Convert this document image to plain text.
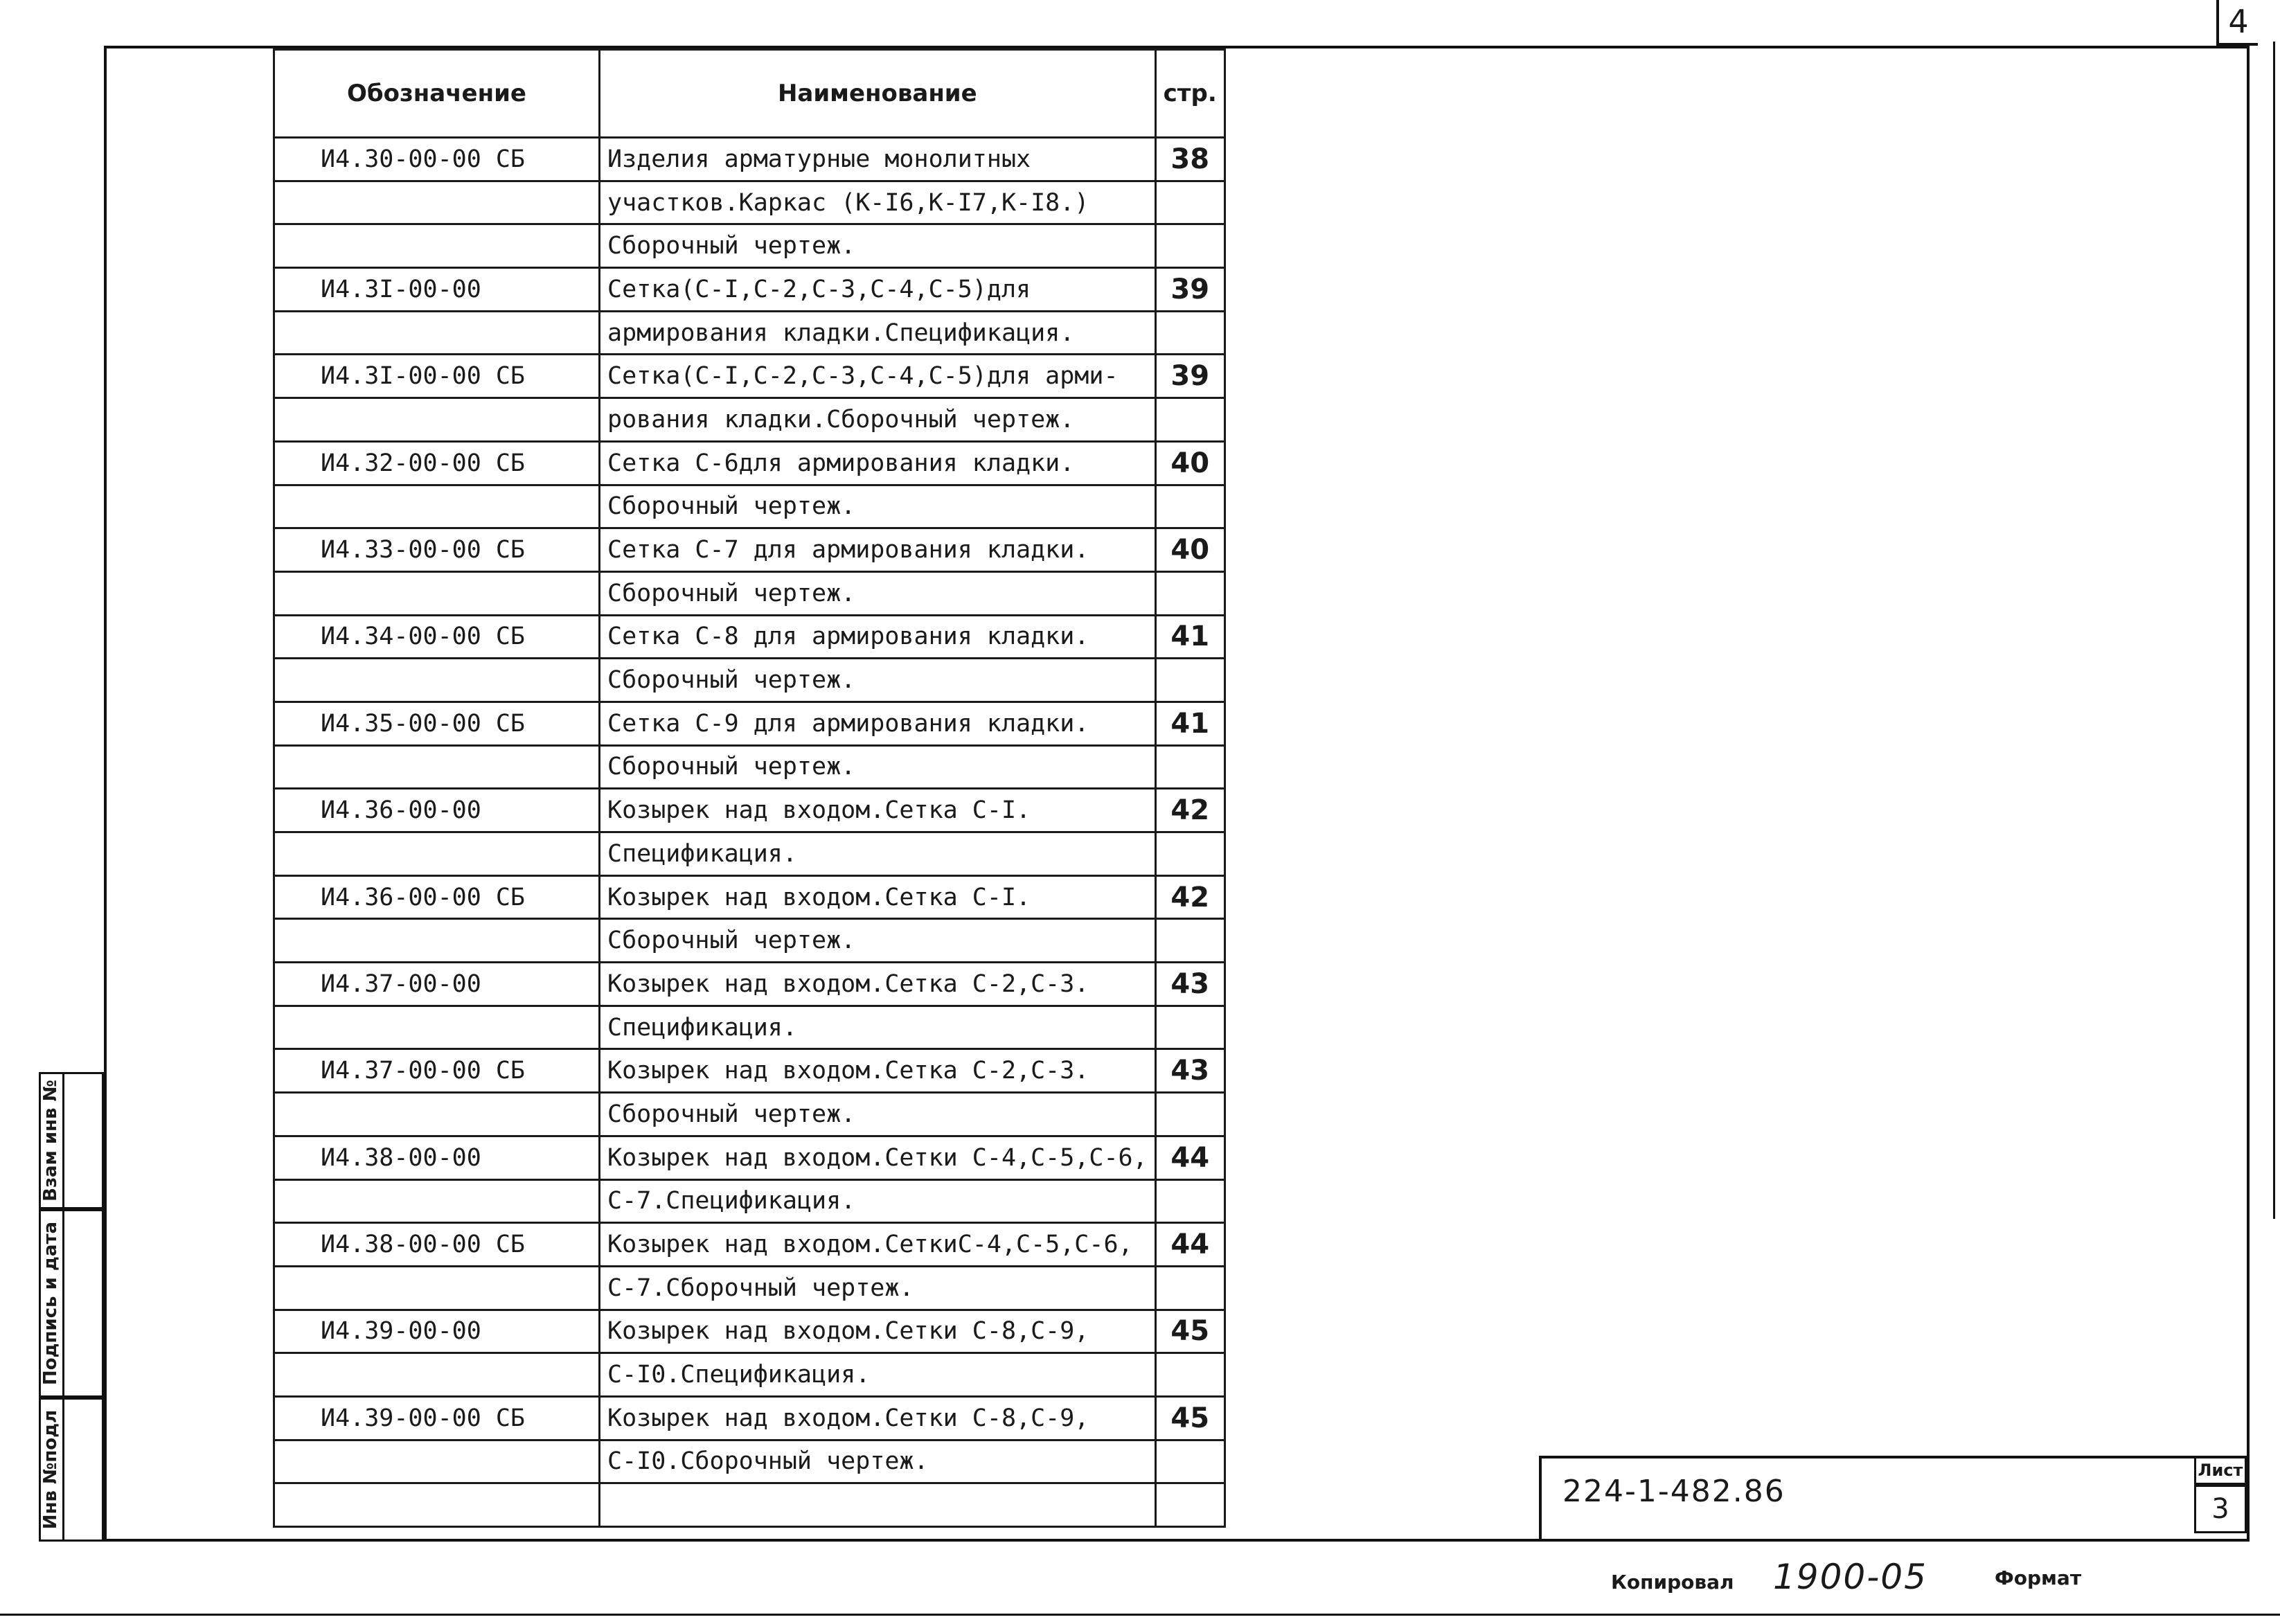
4
Взам инв №
Подпись и дата
Инв №подл
Обозначение	Наименование	стр.
И4.30-00-00 СБ	Изделия арматурные монолитных	38
	участков.Каркас (К-I6,К-I7,К-I8.)	
	Сборочный чертеж.	
И4.3I-00-00	Сетка(С-I,С-2,С-3,С-4,С-5)для	39
	армирования кладки.Спецификация.	
И4.3I-00-00 СБ	Сетка(С-I,С-2,С-3,С-4,С-5)для арми-	39
	рования кладки.Сборочный чертеж.	
И4.32-00-00 СБ	Сетка С-6для армирования кладки.	40
	Сборочный чертеж.	
И4.33-00-00 СБ	Сетка С-7 для армирования кладки.	40
	Сборочный чертеж.	
И4.34-00-00 СБ	Сетка С-8 для армирования кладки.	41
	Сборочный чертеж.	
И4.35-00-00 СБ	Сетка С-9 для армирования кладки.	41
	Сборочный чертеж.	
И4.36-00-00	Козырек над входом.Сетка С-I.	42
	Спецификация.	
И4.36-00-00 СБ	Козырек над входом.Сетка С-I.	42
	Сборочный чертеж.	
И4.37-00-00	Козырек над входом.Сетка С-2,С-3.	43
	Спецификация.	
И4.37-00-00 СБ	Козырек над входом.Сетка С-2,С-3.	43
	Сборочный чертеж.	
И4.38-00-00	Козырек над входом.Сетки С-4,С-5,С-6,	44
	С-7.Спецификация.	
И4.38-00-00 СБ	Козырек над входом.СеткиС-4,С-5,С-6,	44
	С-7.Сборочный чертеж.	
И4.39-00-00	Козырек над входом.Сетки С-8,С-9,	45
	С-I0.Спецификация.	
И4.39-00-00 СБ	Козырек над входом.Сетки С-8,С-9,	45
	С-I0.Сборочный чертеж.	

224-1-482.86
Лист
3
Копировал 1900-05	Формат
